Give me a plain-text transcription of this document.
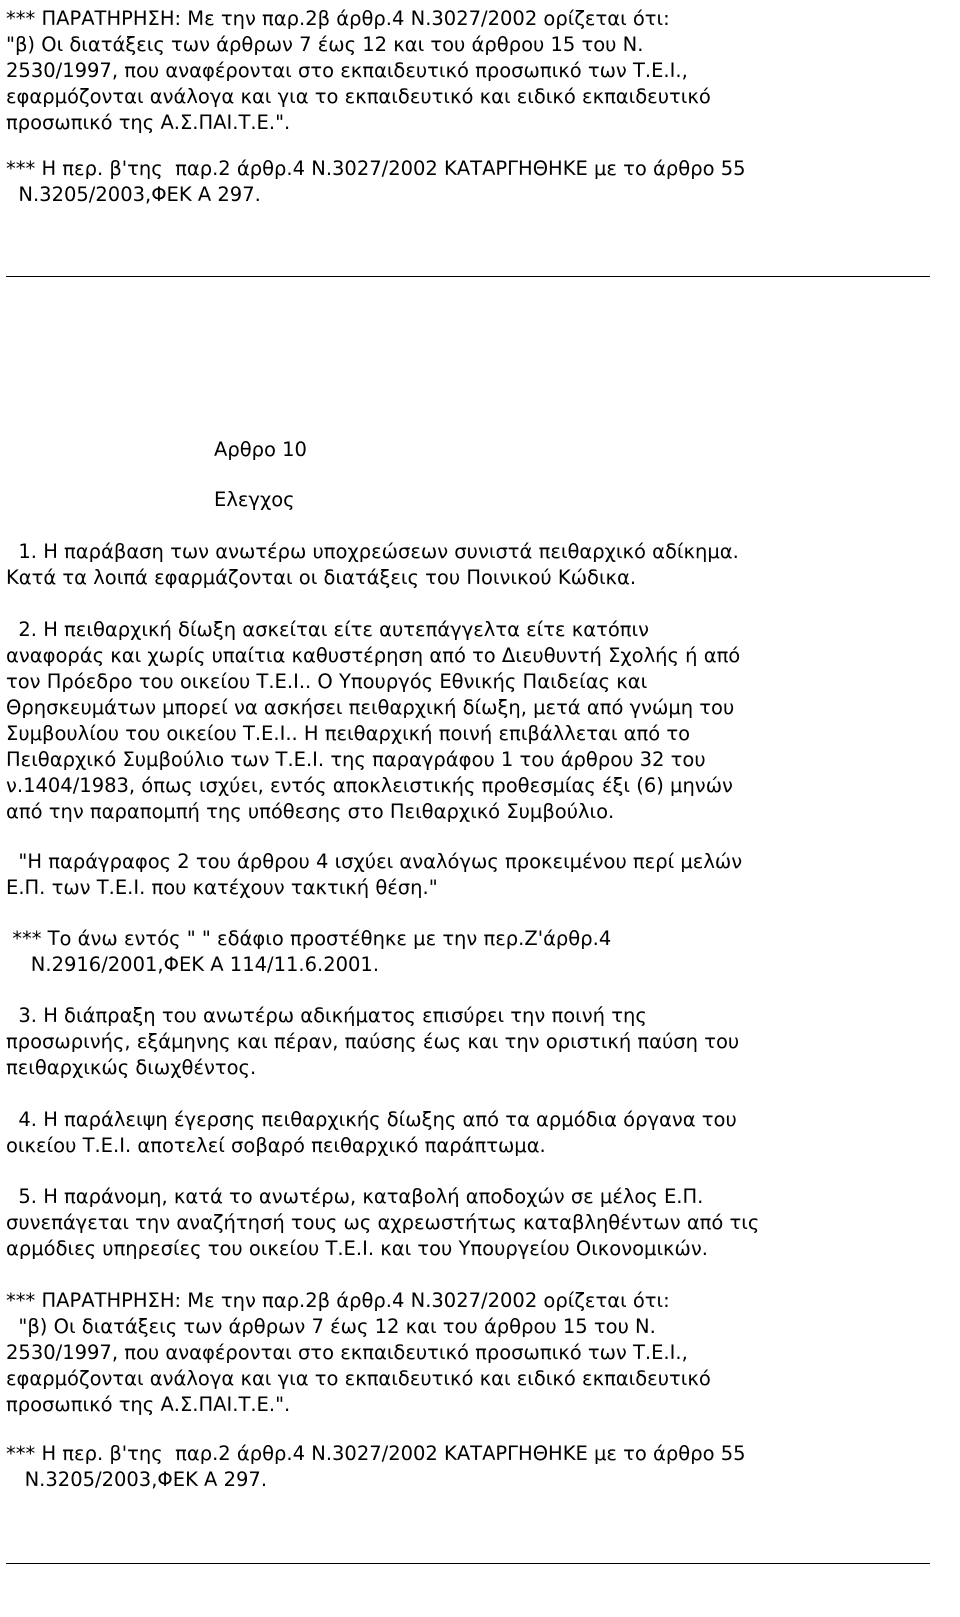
*** ΠΑΡΑΤΗΡΗΣΗ: Με την παρ.2β άρθρ.4 Ν.3027/2002 ορίζεται ότι:
"β) Οι διατάξεις των άρθρων 7 έως 12 και του άρθρου 15 του Ν.
2530/1997, που αναφέρονται στο εκπαιδευτικό προσωπικό των Τ.Ε.Ι.,
εφαρμόζονται ανάλογα και για το εκπαιδευτικό και ειδικό εκπαιδευτικό
προσωπικό της Α.Σ.ΠΑΙ.Τ.Ε.".
*** Η περ. β'της  παρ.2 άρθρ.4 Ν.3027/2002 ΚΑΤΑΡΓΗΘΗΚΕ με το άρθρο 55
Ν.3205/2003,ΦΕΚ Α 297.
Αρθρο 10
Ελεγχος
1. Η παράβαση των ανωτέρω υποχρεώσεων συνιστά πειθαρχικό αδίκημα.
Κατά τα λοιπά εφαρμάζονται οι διατάξεις του Ποινικού Κώδικα.
2. Η πειθαρχική δίωξη ασκείται είτε αυτεπάγγελτα είτε κατόπιν
αναφοράς και χωρίς υπαίτια καθυστέρηση από το Διευθυντή Σχολής ή από
τον Πρόεδρο του οικείου Τ.Ε.Ι.. Ο Υπουργός Εθνικής Παιδείας και
Θρησκευμάτων μπορεί να ασκήσει πειθαρχική δίωξη, μετά από γνώμη του
Συμβουλίου του οικείου Τ.Ε.Ι.. Η πειθαρχική ποινή επιβάλλεται από το
Πειθαρχικό Συμβούλιο των Τ.Ε.Ι. της παραγράφου 1 του άρθρου 32 του
ν.1404/1983, όπως ισχύει, εντός αποκλειστικής προθεσμίας έξι (6) μηνών
από την παραπομπή της υπόθεσης στο Πειθαρχικό Συμβούλιο.
"Η παράγραφος 2 του άρθρου 4 ισχύει αναλόγως προκειμένου περί μελών
Ε.Π. των Τ.Ε.Ι. που κατέχουν τακτική θέση."
*** Το άνω εντός " " εδάφιο προστέθηκε με την περ.Ζ'άρθρ.4
Ν.2916/2001,ΦΕΚ Α 114/11.6.2001.
3. Η διάπραξη του ανωτέρω αδικήματος επισύρει την ποινή της
προσωρινής, εξάμηνης και πέραν, παύσης έως και την οριστική παύση του
πειθαρχικώς διωχθέντος.
4. Η παράλειψη έγερσης πειθαρχικής δίωξης από τα αρμόδια όργανα του
οικείου Τ.Ε.Ι. αποτελεί σοβαρό πειθαρχικό παράπτωμα.
5. Η παράνομη, κατά το ανωτέρω, καταβολή αποδοχών σε μέλος Ε.Π.
συνεπάγεται την αναζήτησή τους ως αχρεωστήτως καταβληθέντων από τις
αρμόδιες υπηρεσίες του οικείου Τ.Ε.Ι. και του Υπουργείου Οικονομικών.
*** ΠΑΡΑΤΗΡΗΣΗ: Με την παρ.2β άρθρ.4 Ν.3027/2002 ορίζεται ότι:
"β) Οι διατάξεις των άρθρων 7 έως 12 και του άρθρου 15 του Ν.
2530/1997, που αναφέρονται στο εκπαιδευτικό προσωπικό των Τ.Ε.Ι.,
εφαρμόζονται ανάλογα και για το εκπαιδευτικό και ειδικό εκπαιδευτικό
προσωπικό της Α.Σ.ΠΑΙ.Τ.Ε.".
*** Η περ. β'της  παρ.2 άρθρ.4 Ν.3027/2002 ΚΑΤΑΡΓΗΘΗΚΕ με το άρθρο 55
Ν.3205/2003,ΦΕΚ Α 297.
